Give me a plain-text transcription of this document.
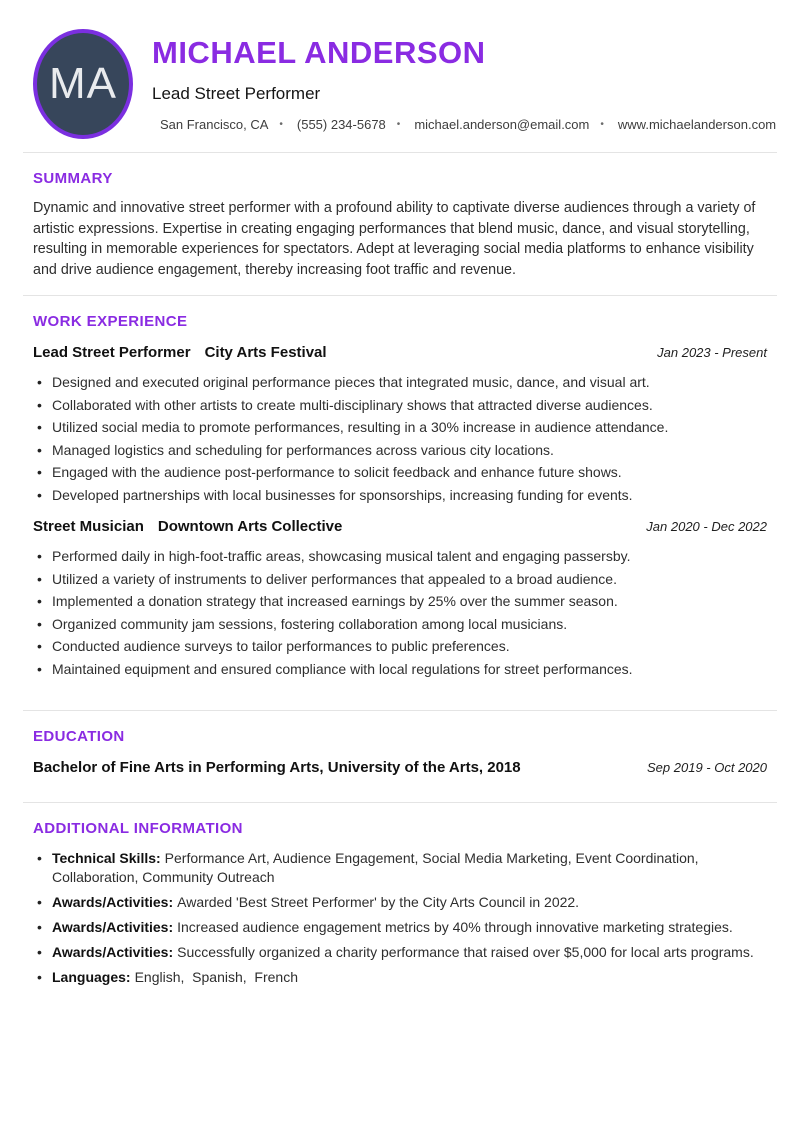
MA
MICHAEL ANDERSON
Lead Street Performer
San Francisco, CA • (555) 234-5678 • michael.anderson@email.com • www.michaelanderson.com
SUMMARY
Dynamic and innovative street performer with a profound ability to captivate diverse audiences through a variety of artistic expressions. Expertise in creating engaging performances that blend music, dance, and visual storytelling, resulting in memorable experiences for spectators. Adept at leveraging social media platforms to enhance visibility and drive audience engagement, thereby increasing foot traffic and revenue.
WORK EXPERIENCE
Lead Street Performer City Arts Festival	Jan 2023 - Present
• Designed and executed original performance pieces that integrated music, dance, and visual art.
• Collaborated with other artists to create multi-disciplinary shows that attracted diverse audiences.
• Utilized social media to promote performances, resulting in a 30% increase in audience attendance.
• Managed logistics and scheduling for performances across various city locations.
• Engaged with the audience post-performance to solicit feedback and enhance future shows.
• Developed partnerships with local businesses for sponsorships, increasing funding for events.
Street Musician Downtown Arts Collective	Jan 2020 - Dec 2022
• Performed daily in high-foot-traffic areas, showcasing musical talent and engaging passersby.
• Utilized a variety of instruments to deliver performances that appealed to a broad audience.
• Implemented a donation strategy that increased earnings by 25% over the summer season.
• Organized community jam sessions, fostering collaboration among local musicians.
• Conducted audience surveys to tailor performances to public preferences.
• Maintained equipment and ensured compliance with local regulations for street performances.
EDUCATION
Bachelor of Fine Arts in Performing Arts, University of the Arts, 2018	Sep 2019 - Oct 2020
ADDITIONAL INFORMATION
• Technical Skills: Performance Art, Audience Engagement, Social Media Marketing, Event Coordination, Collaboration, Community Outreach
• Awards/Activities: Awarded 'Best Street Performer' by the City Arts Council in 2022.
• Awards/Activities: Increased audience engagement metrics by 40% through innovative marketing strategies.
• Awards/Activities: Successfully organized a charity performance that raised over $5,000 for local arts programs.
• Languages: English,  Spanish,  French
